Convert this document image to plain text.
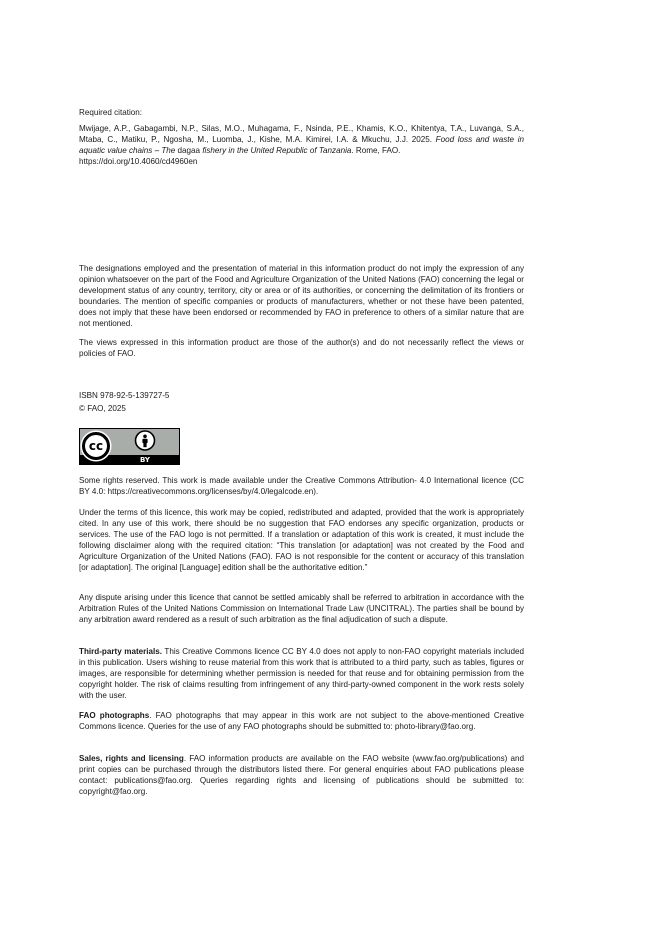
Required citation:

Mwijage, A.P., Gabagambi, N.P., Silas, M.O., Muhagama, F., Nsinda, P.E., Khamis, K.O., Khitentya, T.A., Luvanga, S.A., Mtaba, C., Matiku, P., Ngosha, M., Luomba, J., Kishe, M.A. Kimirei, I.A. & Mkuchu, J.J. 2025. Food loss and waste in aquatic value chains – The dagaa fishery in the United Republic of Tanzania. Rome, FAO.
https://doi.org/10.4060/cd4960en

The designations employed and the presentation of material in this information product do not imply the expression of any opinion whatsoever on the part of the Food and Agriculture Organization of the United Nations (FAO) concerning the legal or development status of any country, territory, city or area or of its authorities, or concerning the delimitation of its frontiers or boundaries. The mention of specific companies or products of manufacturers, whether or not these have been patented, does not imply that these have been endorsed or recommended by FAO in preference to others of a similar nature that are not mentioned.
The views expressed in this information product are those of the author(s) and do not necessarily reflect the views or policies of FAO.

ISBN 978-92-5-139727-5

© FAO, 2025

cc
BY
Some rights reserved. This work is made available under the Creative Commons Attribution- 4.0 International licence (CC BY 4.0: https://creativecommons.org/licenses/by/4.0/legalcode.en).
Under the terms of this licence, this work may be copied, redistributed and adapted, provided that the work is appropriately cited. In any use of this work, there should be no suggestion that FAO endorses any specific organization, products or services. The use of the FAO logo is not permitted. If a translation or adaptation of this work is created, it must include the following disclaimer along with the required citation: “This translation [or adaptation] was not created by the Food and Agriculture Organization of the United Nations (FAO). FAO is not responsible for the content or accuracy of this translation [or adaptation]. The original [Language] edition shall be the authoritative edition.”
Any dispute arising under this licence that cannot be settled amicably shall be referred to arbitration in accordance with the Arbitration Rules of the United Nations Commission on International Trade Law (UNCITRAL). The parties shall be bound by any arbitration award rendered as a result of such arbitration as the final adjudication of such a dispute.
Third-party materials. This Creative Commons licence CC BY 4.0 does not apply to non-FAO copyright materials included in this publication. Users wishing to reuse material from this work that is attributed to a third party, such as tables, figures or images, are responsible for determining whether permission is needed for that reuse and for obtaining permission from the copyright holder. The risk of claims resulting from infringement of any third-party-owned component in the work rests solely with the user.
FAO photographs. FAO photographs that may appear in this work are not subject to the above-mentioned Creative Commons licence. Queries for the use of any FAO photographs should be submitted to: photo-library@fao.org.
Sales, rights and licensing. FAO information products are available on the FAO website (www.fao.org/publications) and print copies can be purchased through the distributors listed there. For general enquiries about FAO publications please contact: publications@fao.org. Queries regarding rights and licensing of publications should be submitted to: copyright@fao.org.
